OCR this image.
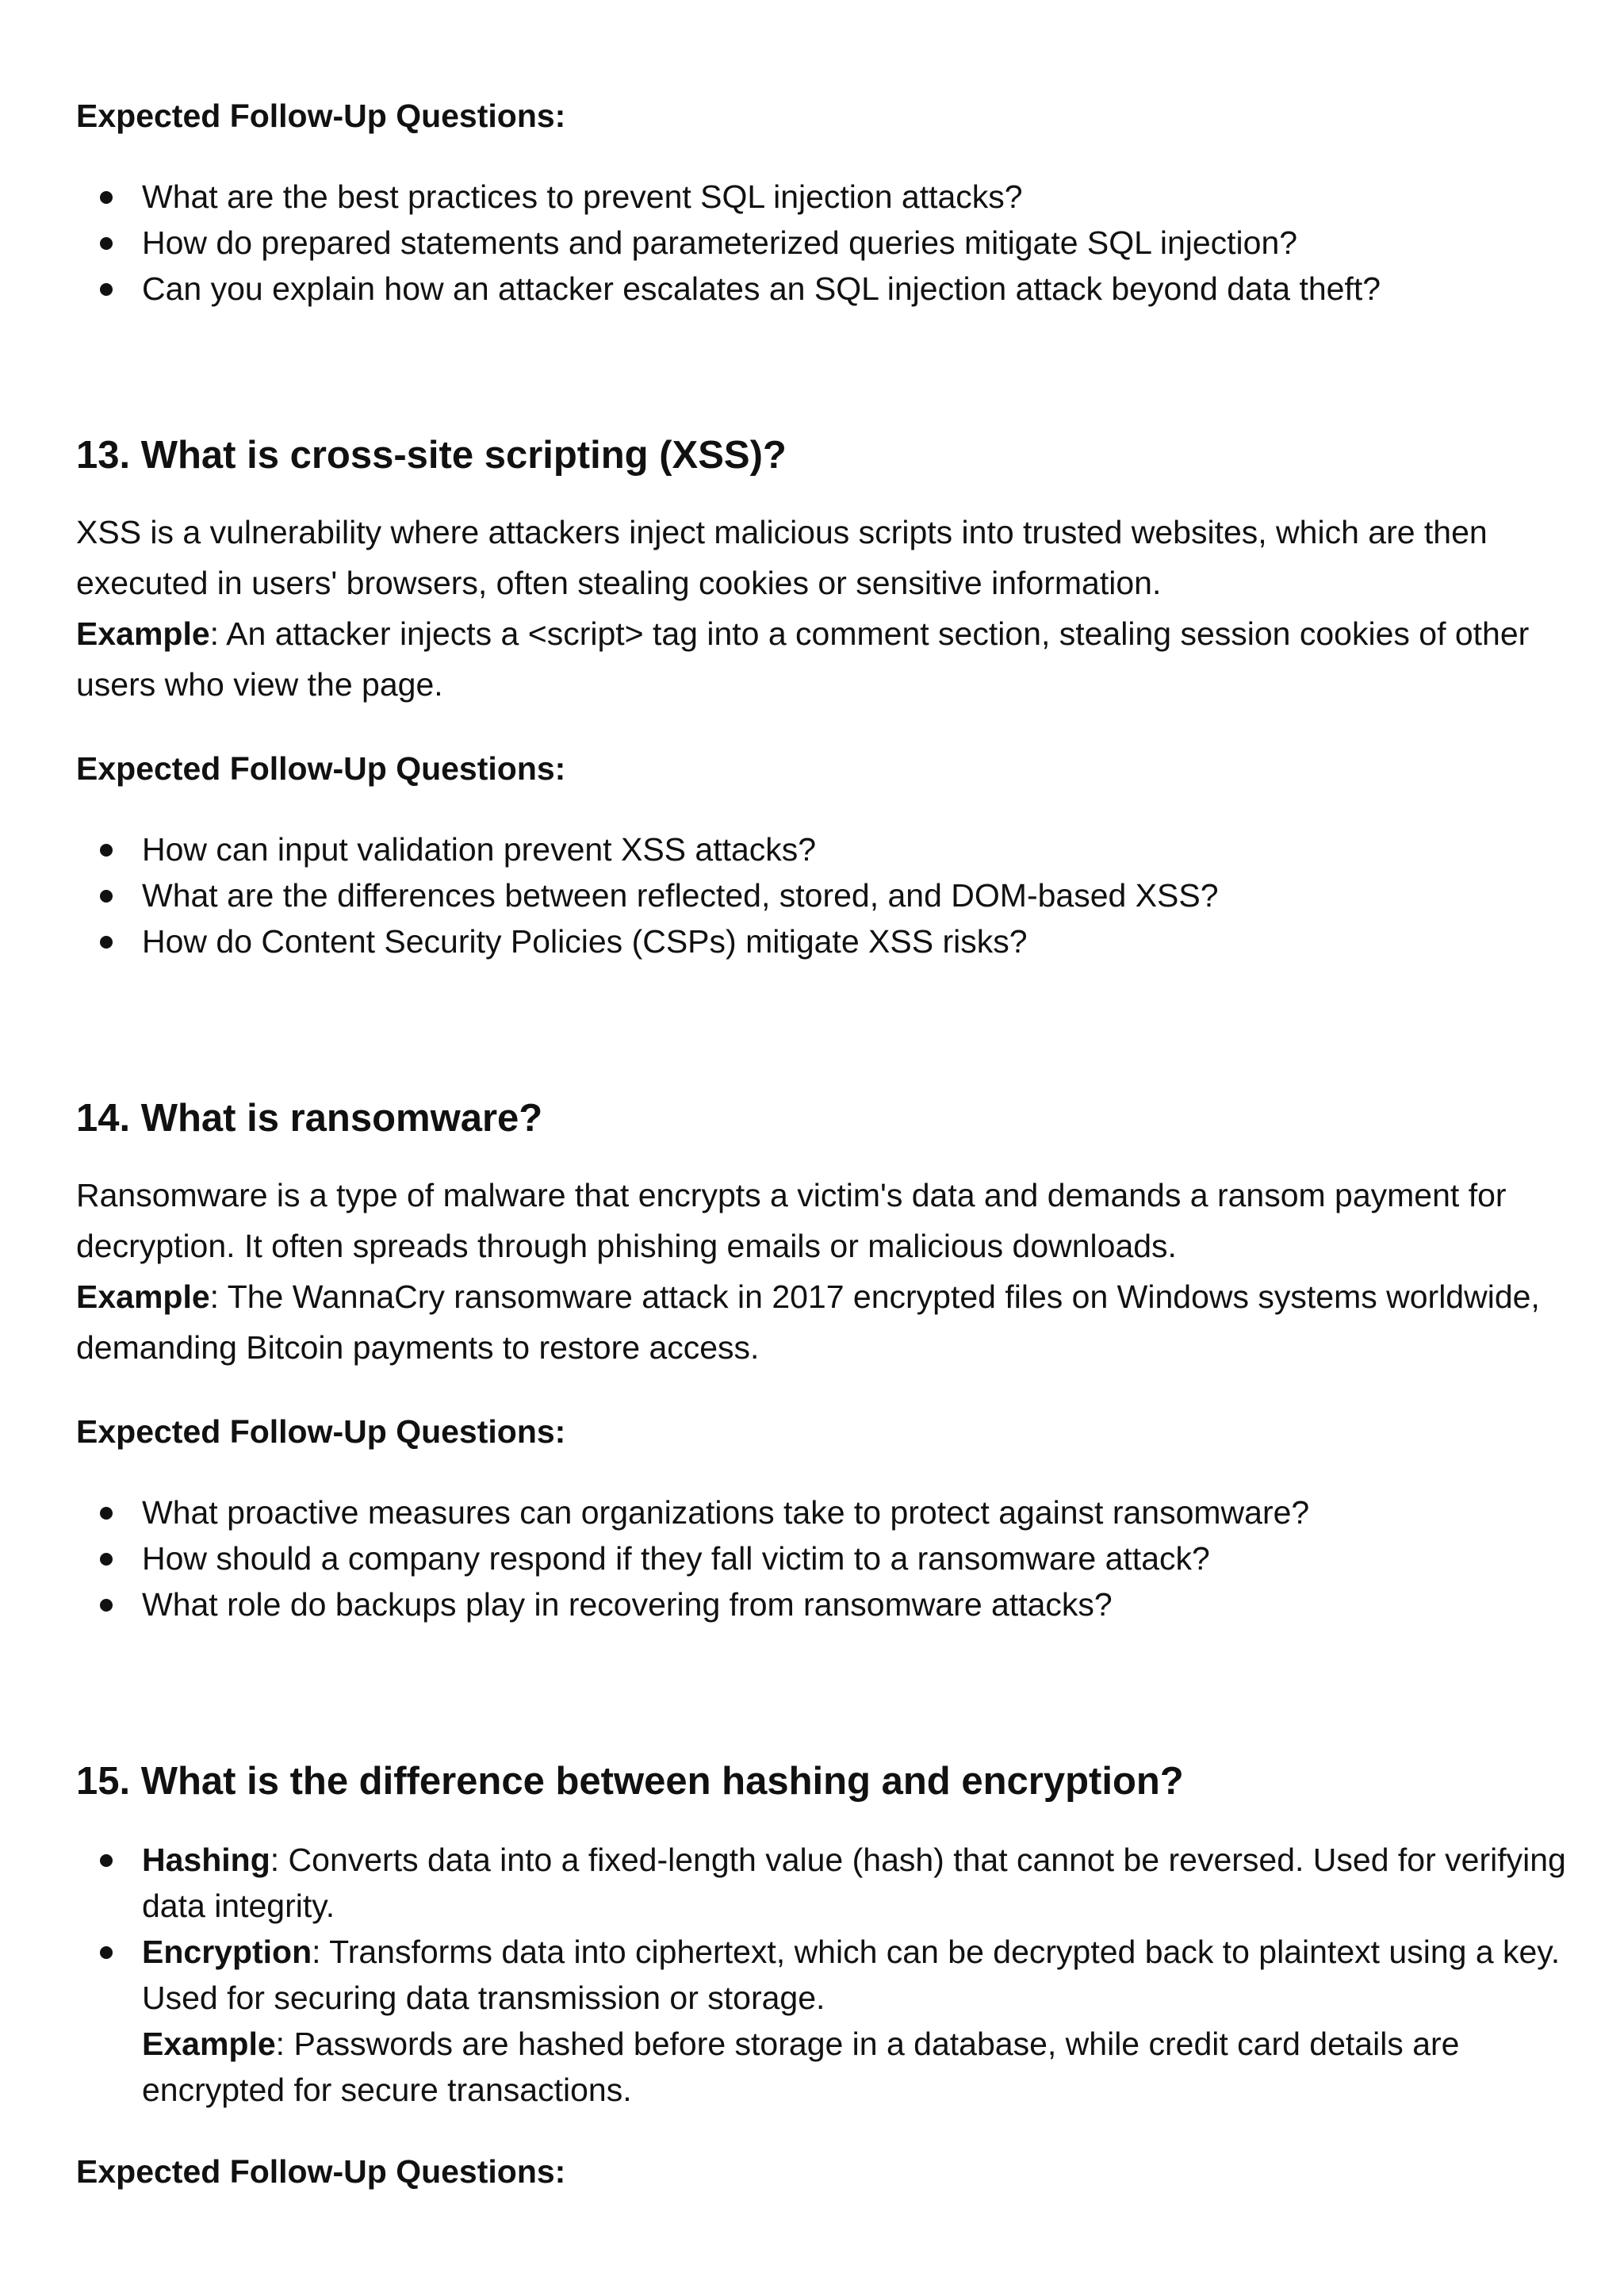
Expected Follow-Up Questions:

What are the best practices to prevent SQL injection attacks?
How do prepared statements and parameterized queries mitigate SQL injection?
Can you explain how an attacker escalates an SQL injection attack beyond data theft?
13. What is cross-site scripting (XSS)?

XSS is a vulnerability where attackers inject malicious scripts into trusted websites, which are then executed in users' browsers, often stealing cookies or sensitive information.

Example: An attacker injects a <script> tag into a comment section, stealing session cookies of other users who view the page.

Expected Follow-Up Questions:

How can input validation prevent XSS attacks?
What are the differences between reflected, stored, and DOM-based XSS?
How do Content Security Policies (CSPs) mitigate XSS risks?
14. What is ransomware?

Ransomware is a type of malware that encrypts a victim's data and demands a ransom payment for decryption. It often spreads through phishing emails or malicious downloads.

Example: The WannaCry ransomware attack in 2017 encrypted files on Windows systems worldwide, demanding Bitcoin payments to restore access.

Expected Follow-Up Questions:

What proactive measures can organizations take to protect against ransomware?
How should a company respond if they fall victim to a ransomware attack?
What role do backups play in recovering from ransomware attacks?
15. What is the difference between hashing and encryption?
Hashing: Converts data into a fixed-length value (hash) that cannot be reversed. Used for verifying data integrity.
Encryption: Transforms data into ciphertext, which can be decrypted back to plaintext using a key. Used for securing data transmission or storage.
Example: Passwords are hashed before storage in a database, while credit card details are encrypted for secure transactions.

Expected Follow-Up Questions:
